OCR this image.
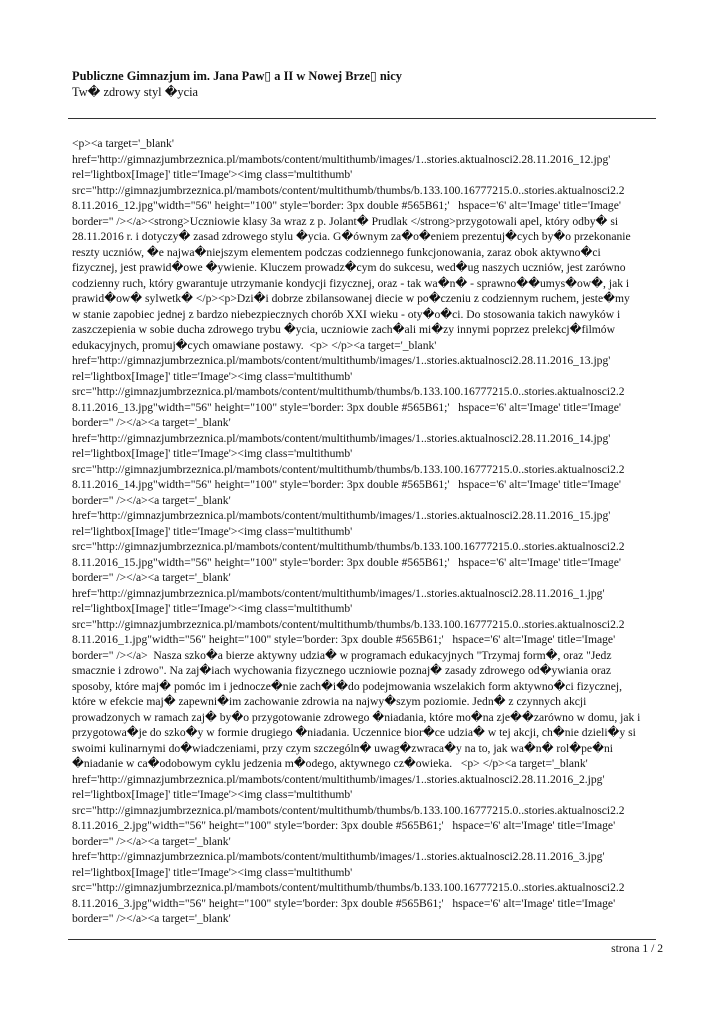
Publiczne Gimnazjum im. Jana Paw▯ a II w Nowej Brze▯ nicy
Tw� zdrowy styl �ycia
<p><a target='_blank'
href='http://gimnazjumbrzeznica.pl/mambots/content/multithumb/images/1..stories.aktualnosci2.28.11.2016_12.jpg'
rel='lightbox[Image]' title='Image'><img class='multithumb'
src="http://gimnazjumbrzeznica.pl/mambots/content/multithumb/thumbs/b.133.100.16777215.0..stories.aktualnosci2.2
8.11.2016_12.jpg"width="56" height="100" style='border: 3px double #565B61;'   hspace='6' alt='Image' title='Image'
border=" /></a><strong>Uczniowie klasy 3a wraz z p. Jolant� Prudlak </strong>przygotowali apel, który odby� si
28.11.2016 r. i dotyczy� zasad zdrowego stylu �ycia. G�ównym za�o�eniem prezentuj�cych by�o przekonanie
reszty uczniów, �e najwa�niejszym elementem podczas codziennego funkcjonowania, zaraz obok aktywno�ci
fizycznej, jest prawid�owe �ywienie. Kluczem prowadz�cym do sukcesu, wed�ug naszych uczniów, jest zarówno
codzienny ruch, który gwarantuje utrzymanie kondycji fizycznej, oraz - tak wa�n� - sprawno��umys�ow�, jak i
prawid�ow� sylwetk� </p><p>Dzi�i dobrze zbilansowanej diecie w po�czeniu z codziennym ruchem, jeste�my
w stanie zapobiec jednej z bardzo niebezpiecznych chorób XXI wieku - oty�o�ci. Do stosowania takich nawyków i
zaszczepienia w sobie ducha zdrowego trybu �ycia, uczniowie zach�ali mi�zy innymi poprzez prelekcj�filmów
edukacyjnych, promuj�cych omawiane postawy.  <p> </p><a target='_blank'
href='http://gimnazjumbrzeznica.pl/mambots/content/multithumb/images/1..stories.aktualnosci2.28.11.2016_13.jpg'
rel='lightbox[Image]' title='Image'><img class='multithumb'
src="http://gimnazjumbrzeznica.pl/mambots/content/multithumb/thumbs/b.133.100.16777215.0..stories.aktualnosci2.2
8.11.2016_13.jpg"width="56" height="100" style='border: 3px double #565B61;'   hspace='6' alt='Image' title='Image'
border=" /></a><a target='_blank'
href='http://gimnazjumbrzeznica.pl/mambots/content/multithumb/images/1..stories.aktualnosci2.28.11.2016_14.jpg'
rel='lightbox[Image]' title='Image'><img class='multithumb'
src="http://gimnazjumbrzeznica.pl/mambots/content/multithumb/thumbs/b.133.100.16777215.0..stories.aktualnosci2.2
8.11.2016_14.jpg"width="56" height="100" style='border: 3px double #565B61;'   hspace='6' alt='Image' title='Image'
border=" /></a><a target='_blank'
href='http://gimnazjumbrzeznica.pl/mambots/content/multithumb/images/1..stories.aktualnosci2.28.11.2016_15.jpg'
rel='lightbox[Image]' title='Image'><img class='multithumb'
src="http://gimnazjumbrzeznica.pl/mambots/content/multithumb/thumbs/b.133.100.16777215.0..stories.aktualnosci2.2
8.11.2016_15.jpg"width="56" height="100" style='border: 3px double #565B61;'   hspace='6' alt='Image' title='Image'
border=" /></a><a target='_blank'
href='http://gimnazjumbrzeznica.pl/mambots/content/multithumb/images/1..stories.aktualnosci2.28.11.2016_1.jpg'
rel='lightbox[Image]' title='Image'><img class='multithumb'
src="http://gimnazjumbrzeznica.pl/mambots/content/multithumb/thumbs/b.133.100.16777215.0..stories.aktualnosci2.2
8.11.2016_1.jpg"width="56" height="100" style='border: 3px double #565B61;'   hspace='6' alt='Image' title='Image'
border=" /></a>  Nasza szko�a bierze aktywny udzia� w programach edukacyjnych "Trzymaj form�, oraz "Jedz
smacznie i zdrowo". Na zaj�iach wychowania fizycznego uczniowie poznaj� zasady zdrowego od�ywiania oraz
sposoby, które maj� pomóc im i jednocze�nie zach�i�do podejmowania wszelakich form aktywno�ci fizycznej,
które w efekcie maj� zapewni�im zachowanie zdrowia na najwy�szym poziomie. Jedn� z czynnych akcji
prowadzonych w ramach zaj� by�o przygotowanie zdrowego �niadania, które mo�na zje��zarówno w domu, jak i
przygotowa�je do szko�y w formie drugiego �niadania. Uczennice bior�ce udzia� w tej akcji, ch�nie dzieli�y si
swoimi kulinarnymi do�wiadczeniami, przy czym szczególn� uwag�zwraca�y na to, jak wa�n� rol�pe�ni
�niadanie w ca�odobowym cyklu jedzenia m�odego, aktywnego cz�owieka.   <p> </p><a target='_blank'
href='http://gimnazjumbrzeznica.pl/mambots/content/multithumb/images/1..stories.aktualnosci2.28.11.2016_2.jpg'
rel='lightbox[Image]' title='Image'><img class='multithumb'
src="http://gimnazjumbrzeznica.pl/mambots/content/multithumb/thumbs/b.133.100.16777215.0..stories.aktualnosci2.2
8.11.2016_2.jpg"width="56" height="100" style='border: 3px double #565B61;'   hspace='6' alt='Image' title='Image'
border=" /></a><a target='_blank'
href='http://gimnazjumbrzeznica.pl/mambots/content/multithumb/images/1..stories.aktualnosci2.28.11.2016_3.jpg'
rel='lightbox[Image]' title='Image'><img class='multithumb'
src="http://gimnazjumbrzeznica.pl/mambots/content/multithumb/thumbs/b.133.100.16777215.0..stories.aktualnosci2.2
8.11.2016_3.jpg"width="56" height="100" style='border: 3px double #565B61;'   hspace='6' alt='Image' title='Image'
border=" /></a><a target='_blank'
strona 1 / 2
